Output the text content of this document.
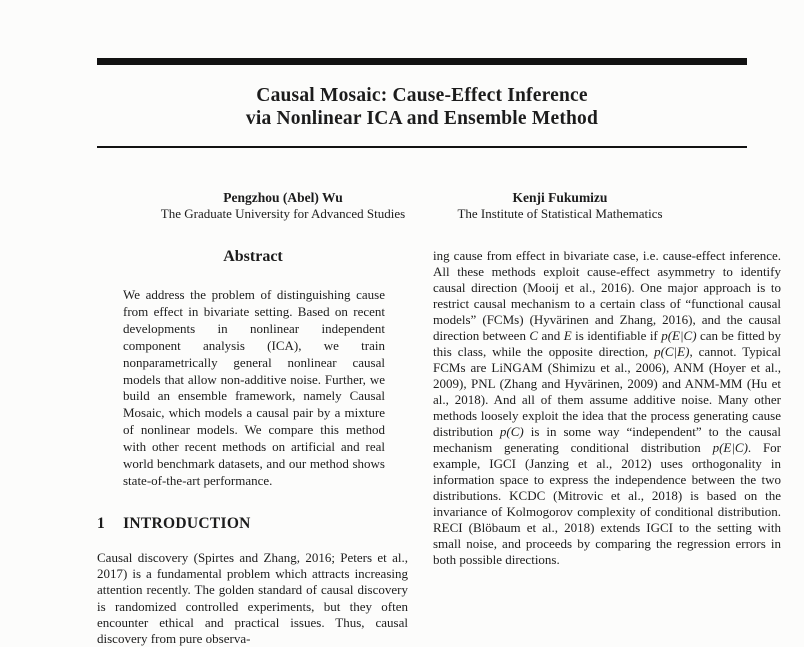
Causal Mosaic: Cause-Effect Inference
via Nonlinear ICA and Ensemble Method
Pengzhou (Abel) Wu
The Graduate University for Advanced Studies
Kenji Fukumizu
The Institute of Statistical Mathematics
Abstract

We address the problem of distinguishing cause from effect in bivariate setting. Based on recent developments in nonlinear independent component analysis (ICA), we train nonparametrically general nonlinear causal models that allow non-additive noise. Further, we build an ensemble framework, namely Causal Mosaic, which models a causal pair by a mixture of nonlinear models. We compare this method with other recent methods on artificial and real world benchmark datasets, and our method shows state-of-the-art performance.

1 INTRODUCTION

Causal discovery (Spirtes and Zhang, 2016; Peters et al., 2017) is a fundamental problem which attracts increasing attention recently. The golden standard of causal discovery is randomized controlled experiments, but they often encounter ethical and practical issues. Thus, causal discovery from pure observa-

ing cause from effect in bivariate case, i.e. cause-effect inference. All these methods exploit cause-effect asymmetry to identify causal direction (Mooij et al., 2016). One major approach is to restrict causal mechanism to a certain class of “functional causal models” (FCMs) (Hyvärinen and Zhang, 2016), and the causal direction between C and E is identifiable if p(E|C) can be fitted by this class, while the opposite direction, p(C|E), cannot. Typical FCMs are LiNGAM (Shimizu et al., 2006), ANM (Hoyer et al., 2009), PNL (Zhang and Hyvärinen, 2009) and ANM-MM (Hu et al., 2018). And all of them assume additive noise. Many other methods loosely exploit the idea that the process generating cause distribution p(C) is in some way “independent” to the causal mechanism generating conditional distribution p(E|C). For example, IGCI (Janzing et al., 2012) uses orthogonality in information space to express the independence between the two distributions. KCDC (Mitrovic et al., 2018) is based on the invariance of Kolmogorov complexity of conditional distribution. RECI (Blöbaum et al., 2018) extends IGCI to the setting with small noise, and proceeds by comparing the regression errors in both possible directions.
